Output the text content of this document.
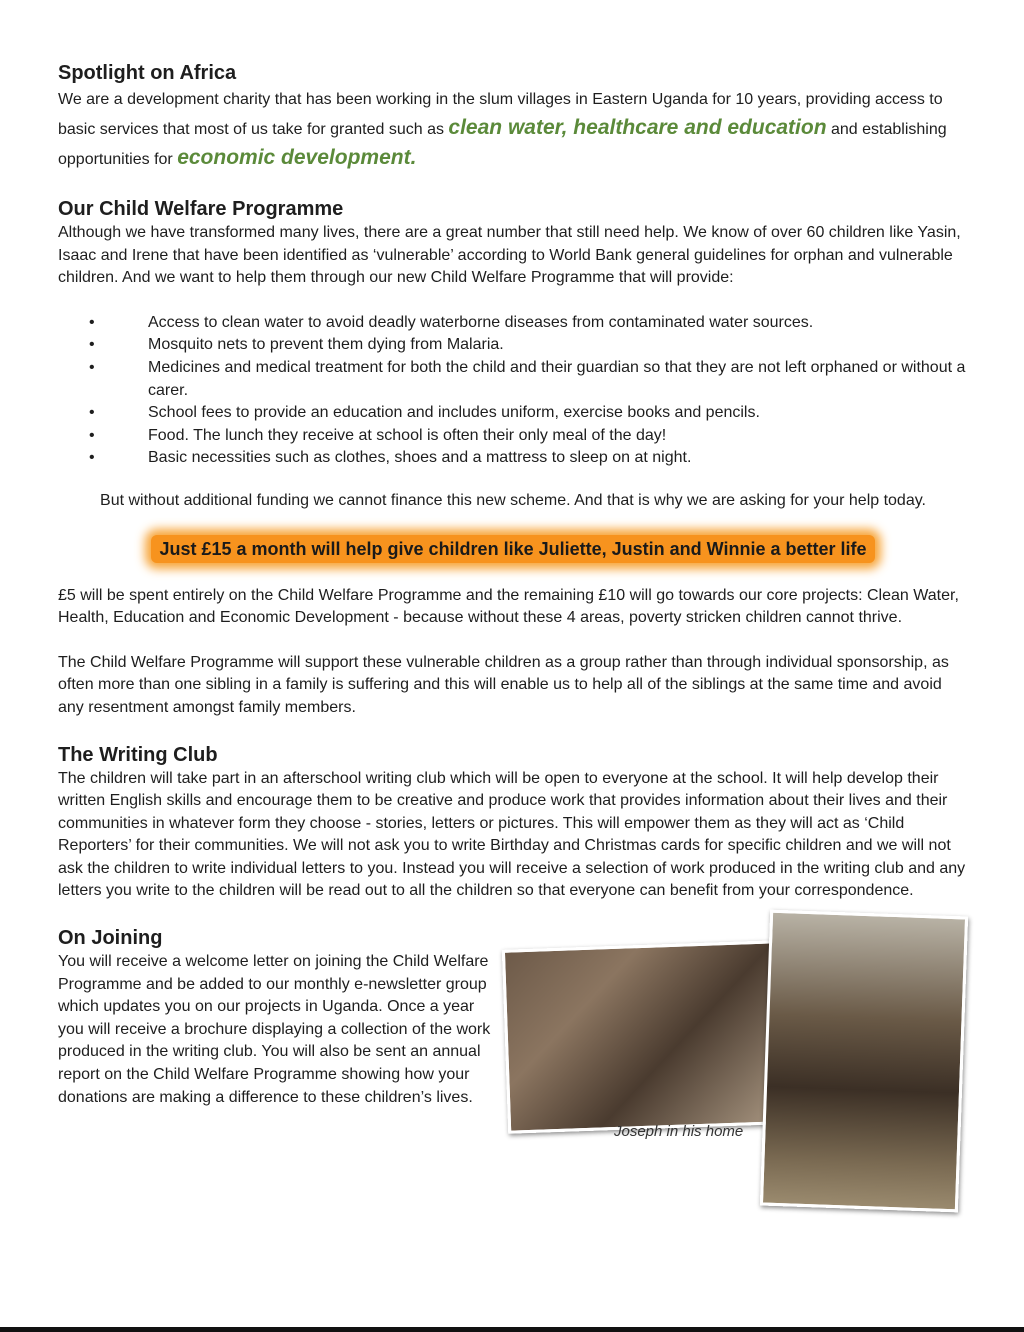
Spotlight on Africa

We are a development charity that has been working in the slum villages in Eastern Uganda for 10 years, providing access to basic services that most of us take for granted such as clean water, healthcare and education and establishing opportunities for economic development.

Our Child Welfare Programme

Although we have transformed many lives, there are a great number that still need help. We know of over 60 children like Yasin, Isaac and Irene that have been identified as ‘vulnerable’ according to World Bank general guidelines for orphan and vulnerable children. And we want to help them through our new Child Welfare Programme that will provide:

• Access to clean water to avoid deadly waterborne diseases from contaminated water sources.
• Mosquito nets to prevent them dying from Malaria.
• Medicines and medical treatment for both the child and their guardian so that they are not left orphaned or without a carer.
• School fees to provide an education and includes uniform, exercise books and pencils.
• Food. The lunch they receive at school is often their only meal of the day!
• Basic necessities such as clothes, shoes and a mattress to sleep on at night.

But without additional funding we cannot finance this new scheme. And that is why we are asking for your help today.

Just £15 a month will help give children like Juliette, Justin and Winnie a better life

£5 will be spent entirely on the Child Welfare Programme and the remaining £10 will go towards our core projects: Clean Water, Health, Education and Economic Development - because without these 4 areas, poverty stricken children cannot thrive.

The Child Welfare Programme will support these vulnerable children as a group rather than through individual sponsorship, as often more than one sibling in a family is suffering and this will enable us to help all of the siblings at the same time and avoid any resentment amongst family members.

The Writing Club

The children will take part in an afterschool writing club which will be open to everyone at the school. It will help develop their written English skills and encourage them to be creative and produce work that provides information about their lives and their communities in whatever form they choose - stories, letters or pictures. This will empower them as they will act as ‘Child Reporters’ for their communities. We will not ask you to write Birthday and Christmas cards for specific children and we will not ask the children to write individual letters to you. Instead you will receive a selection of work produced in the writing club and any letters you write to the children will be read out to all the children so that everyone can benefit from your correspondence.

On Joining

You will receive a welcome letter on joining the Child Welfare Programme and be added to our monthly e-newsletter group which updates you on our projects in Uganda. Once a year you will receive a brochure displaying a collection of the work produced in the writing club. You will also be sent an annual report on the Child Welfare Programme showing how your donations are making a difference to these children’s lives.

Joseph in his home
